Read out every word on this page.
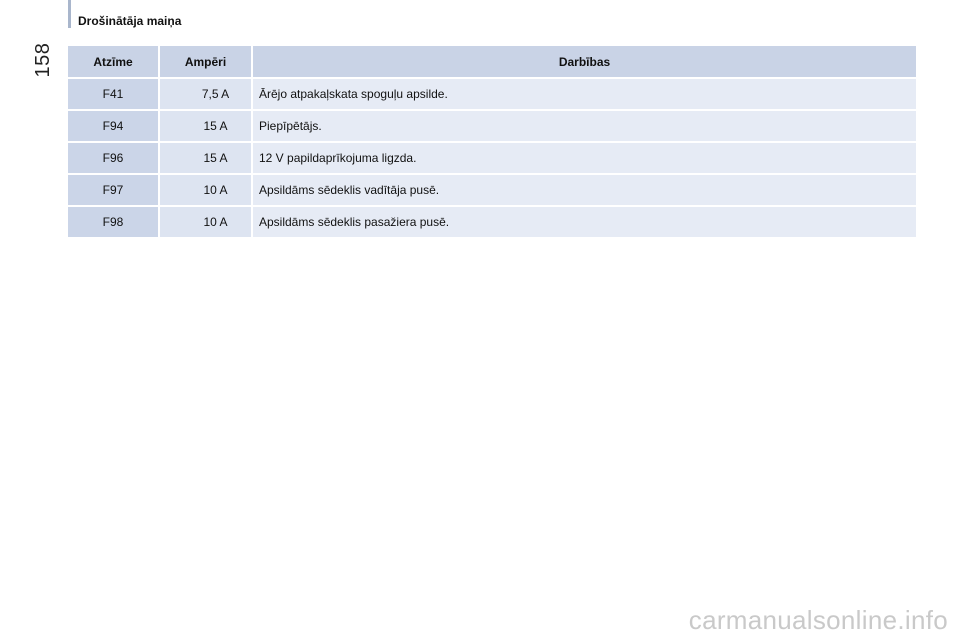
158
Drošinātāja maiņa
Atzīme	Ampēri	Darbības
F41	7,5 A	Ārējo atpakaļskata spoguļu apsilde.
F94	15 A	Piepīpētājs.
F96	15 A	12 V papildaprīkojuma ligzda.
F97	10 A	Apsildāms sēdeklis vadītāja pusē.
F98	10 A	Apsildāms sēdeklis pasažiera pusē.
carmanualsonline.info
